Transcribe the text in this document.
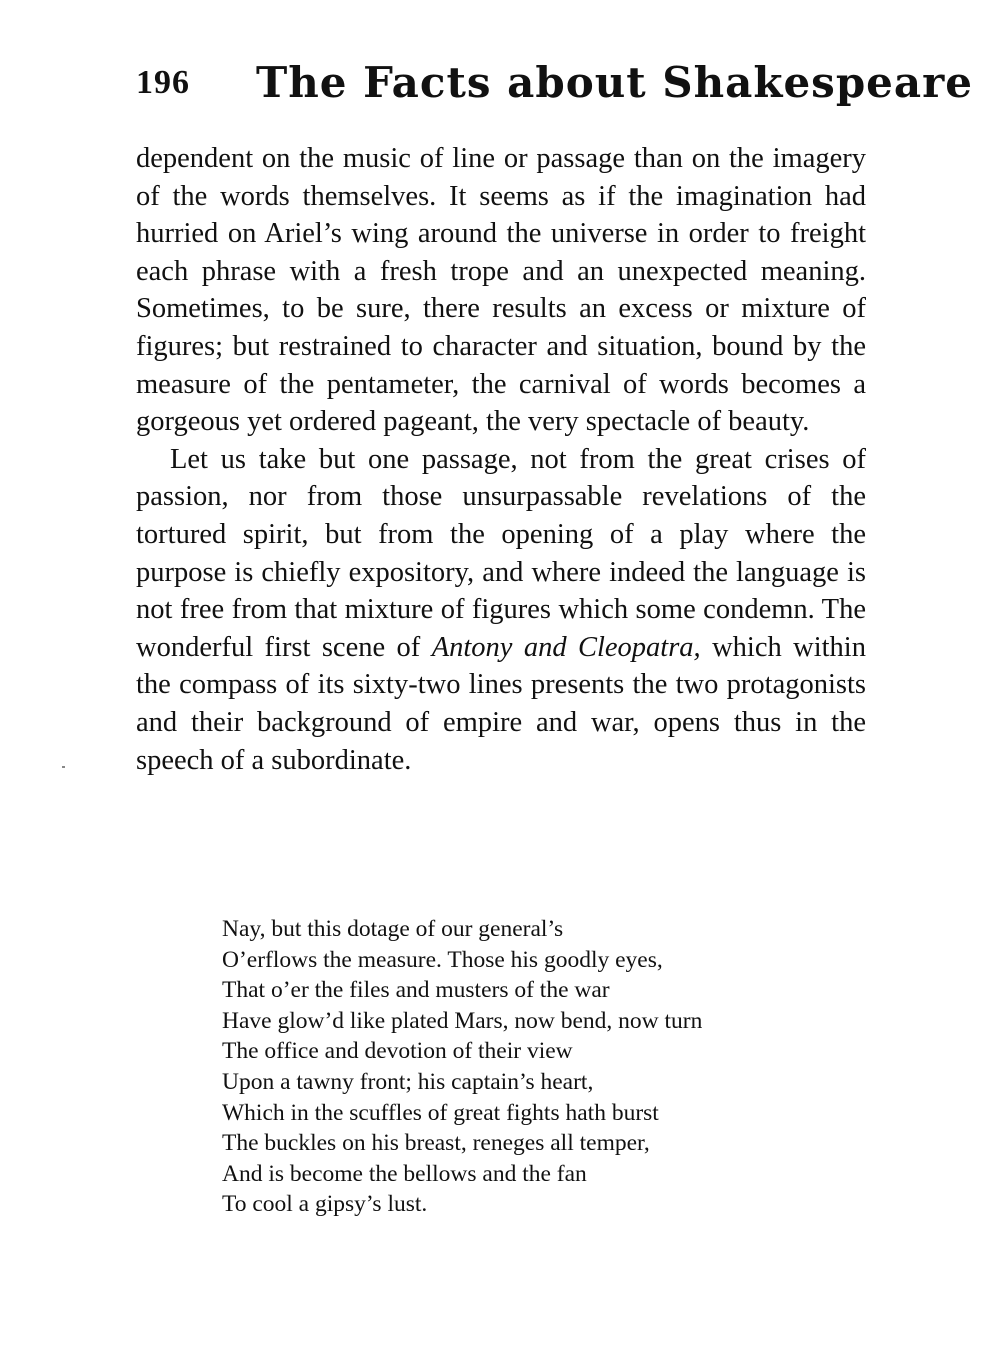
196 The Facts about Shakespeare

dependent on the music of line or passage than on the imagery of the words themselves. It seems as if the imagination had hurried on Ariel’s wing around the universe in order to freight each phrase with a fresh trope and an unexpected meaning. Sometimes, to be sure, there results an excess or mixture of figures; but restrained to character and situation, bound by the measure of the pentameter, the carnival of words becomes a gorgeous yet ordered pageant, the very spectacle of beauty.

Let us take but one passage, not from the great crises of passion, nor from those unsurpassable revelations of the tortured spirit, but from the opening of a play where the purpose is chiefly expository, and where indeed the language is not free from that mixture of figures which some condemn. The wonderful first scene of Antony and Cleopatra, which within the compass of its sixty-two lines presents the two protagonists and their background of empire and war, opens thus in the speech of a subordinate.

Nay, but this dotage of our general’s
O’erflows the measure. Those his goodly eyes,
That o’er the files and musters of the war
Have glow’d like plated Mars, now bend, now turn
The office and devotion of their view
Upon a tawny front; his captain’s heart,
Which in the scuffles of great fights hath burst
The buckles on his breast, reneges all temper,
And is become the bellows and the fan
To cool a gipsy’s lust.
